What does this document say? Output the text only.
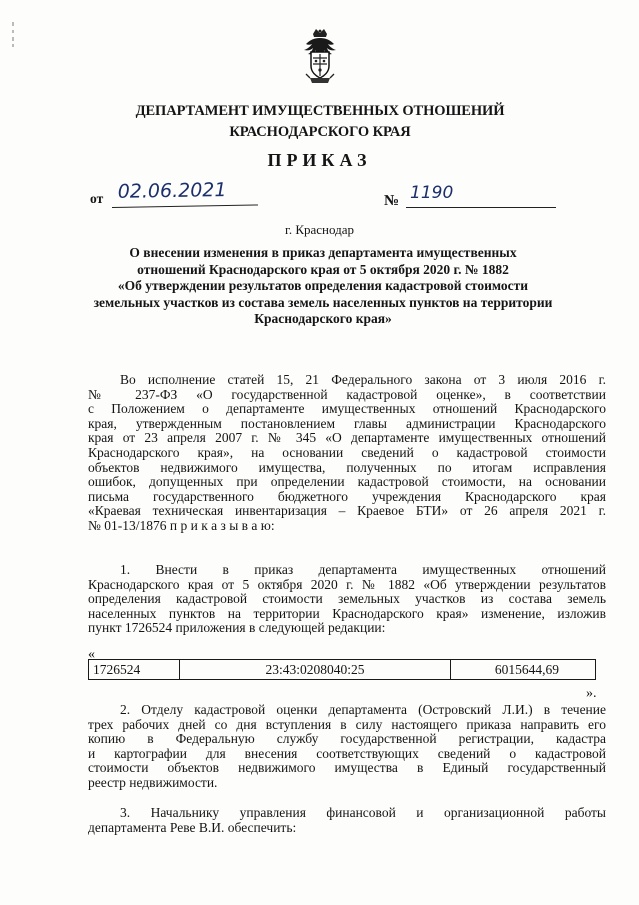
ДЕПАРТАМЕНТ ИМУЩЕСТВЕННЫХ ОТНОШЕНИЙ
КРАСНОДАРСКОГО КРАЯ
ПРИКАЗ
от 02.06.2021	№ 1190
г. Краснодар
О внесении изменения в приказ департамента имущественных
отношений Краснодарского края от 5 октября 2020 г. № 1882
«Об утверждении результатов определения кадастровой стоимости
земельных участков из состава земель населенных пунктов на территории
Краснодарского края»
Во исполнение статей 15, 21 Федерального закона от 3 июля 2016 г.
№ 237-ФЗ «О государственной кадастровой оценке», в соответствии
с Положением о департаменте имущественных отношений Краснодарского
края, утвержденным постановлением главы администрации Краснодарского
края от 23 апреля 2007 г. № 345 «О департаменте имущественных отношений
Краснодарского края», на основании сведений о кадастровой стоимости
объектов недвижимого имущества, полученных по итогам исправления
ошибок, допущенных при определении кадастровой стоимости, на основании
письма государственного бюджетного учреждения Краснодарского края
«Краевая техническая инвентаризация – Краевое БТИ» от 26 апреля 2021 г.
№ 01-13/1876 п р и к а з ы в а ю:
1. Внести в приказ департамента имущественных отношений
Краснодарского края от 5 октября 2020 г. № 1882 «Об утверждении результатов
определения кадастровой стоимости земельных участков из состава земель
населенных пунктов на территории Краснодарского края» изменение, изложив
пункт 1726524 приложения в следующей редакции:
«
1726524	23:43:0208040:25	6015644,69
».
2. Отделу кадастровой оценки департамента (Островский Л.И.) в течение
трех рабочих дней со дня вступления в силу настоящего приказа направить его
копию в Федеральную службу государственной регистрации, кадастра
и картографии для внесения соответствующих сведений о кадастровой
стоимости объектов недвижимого имущества в Единый государственный
реестр недвижимости.
3. Начальнику управления финансовой и организационной работы
департамента Реве В.И. обеспечить:
